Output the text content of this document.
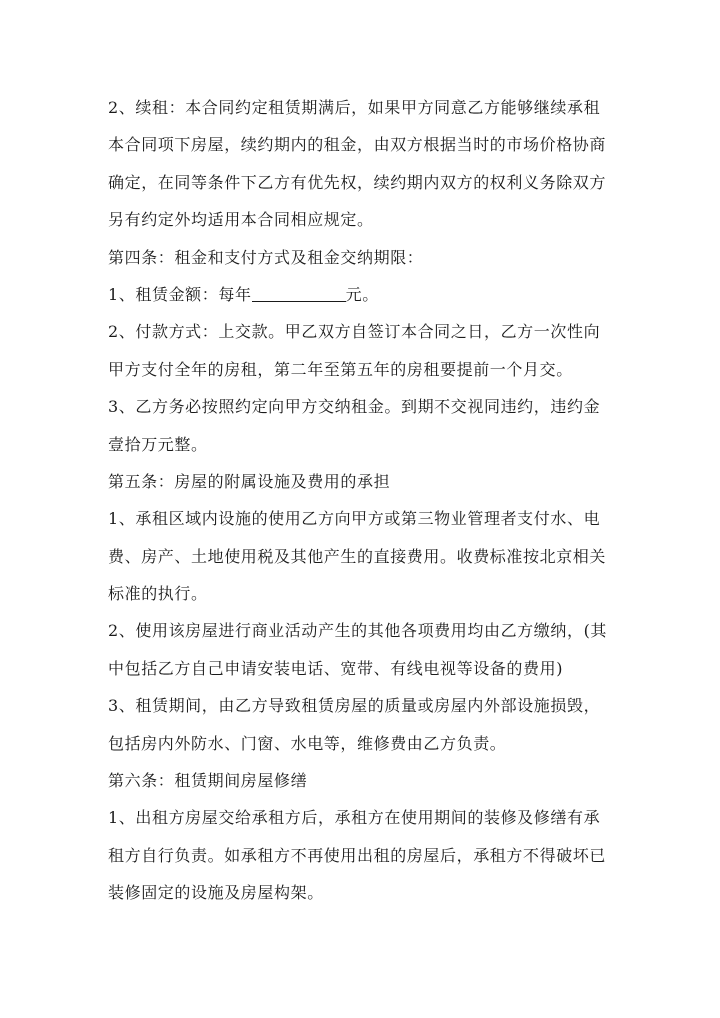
2、续租：本合同约定租赁期满后，如果甲方同意乙方能够继续承租
本合同项下房屋，续约期内的租金，由双方根据当时的市场价格协商
确定，在同等条件下乙方有优先权，续约期内双方的权利义务除双方
另有约定外均适用本合同相应规定。
第四条：租金和支付方式及租金交纳期限：
1、租赁金额：每年	元。
2、付款方式：上交款。甲乙双方自签订本合同之日，乙方一次性向
甲方支付全年的房租，第二年至第五年的房租要提前一个月交。
3、乙方务必按照约定向甲方交纳租金。到期不交视同违约，违约金
壹拾万元整。
第五条：房屋的附属设施及费用的承担
1、承租区域内设施的使用乙方向甲方或第三物业管理者支付水、电
费、房产、土地使用税及其他产生的直接费用。收费标准按北京相关
标准的执行。
2、使用该房屋进行商业活动产生的其他各项费用均由乙方缴纳，(其
中包括乙方自己申请安装电话、宽带、有线电视等设备的费用)
3、租赁期间，由乙方导致租赁房屋的质量或房屋内外部设施损毁，
包括房内外防水、门窗、水电等，维修费由乙方负责。
第六条：租赁期间房屋修缮
1、出租方房屋交给承租方后，承租方在使用期间的装修及修缮有承
租方自行负责。如承租方不再使用出租的房屋后，承租方不得破坏已
装修固定的设施及房屋构架。
